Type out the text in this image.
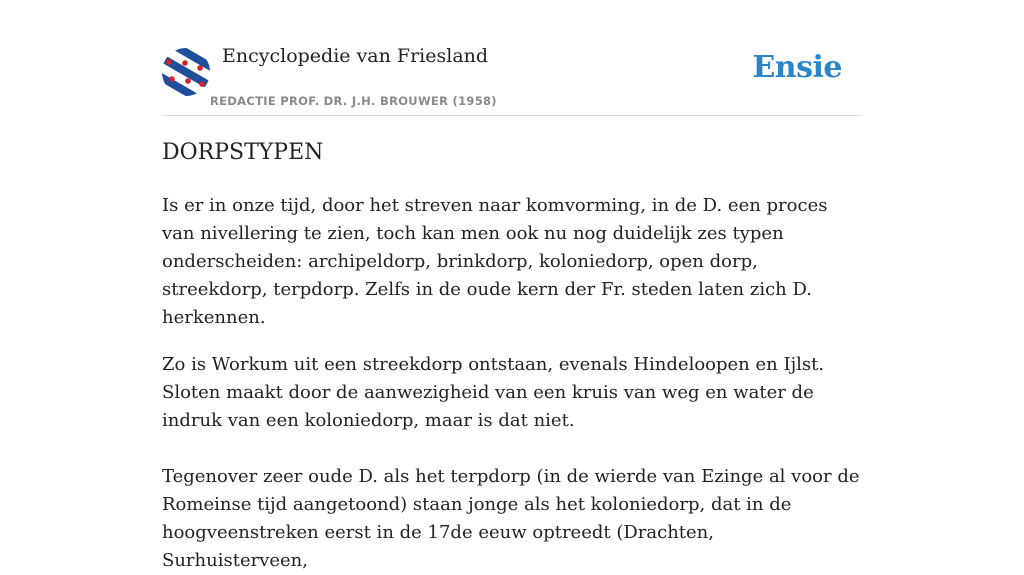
Encyclopedie van Friesland
REDACTIE PROF. DR. J.H. BROUWER (1958)
Ensie
DORPSTYPEN

Is er in onze tijd, door het streven naar komvorming, in de D. een proces van nivellering te zien, toch kan men ook nu nog duidelijk zes typen onderscheiden: archipeldorp, brinkdorp, koloniedorp, open dorp, streekdorp, terpdorp. Zelfs in de oude kern der Fr. steden laten zich D. herkennen.

Zo is Workum uit een streekdorp ontstaan, evenals Hindeloopen en Ijlst. Sloten maakt door de aanwezigheid van een kruis van weg en water de indruk van een koloniedorp, maar is dat niet.

Tegenover zeer oude D. als het terpdorp (in de wierde van Ezinge al voor de Romeinse tijd aangetoond) staan jonge als het koloniedorp, dat in de hoogveenstreken eerst in de 17de eeuw optreedt (Drachten, Surhuisterveen,
